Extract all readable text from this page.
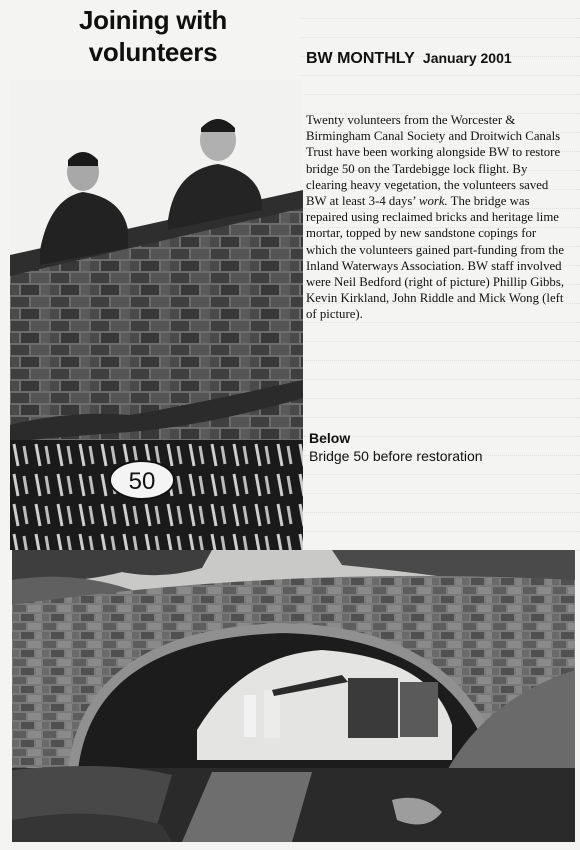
Joining with
volunteers	BW MONTHLY January 2001
50
Twenty volunteers from the Worcester & Birmingham Canal Society and Droitwich Canals Trust have been working alongside BW to restore bridge 50 on the Tardebigge lock flight. By clearing heavy vegetation, the volunteers saved BW at least 3-4 days’ work. The bridge was repaired using reclaimed bricks and heritage lime mortar, topped by new sandstone copings for which the volunteers gained part-funding from the Inland Waterways Association. BW staff involved were Neil Bedford (right of picture) Phillip Gibbs, Kevin Kirkland, John Riddle and Mick Wong (left of picture).
Below
Bridge 50 before restoration
